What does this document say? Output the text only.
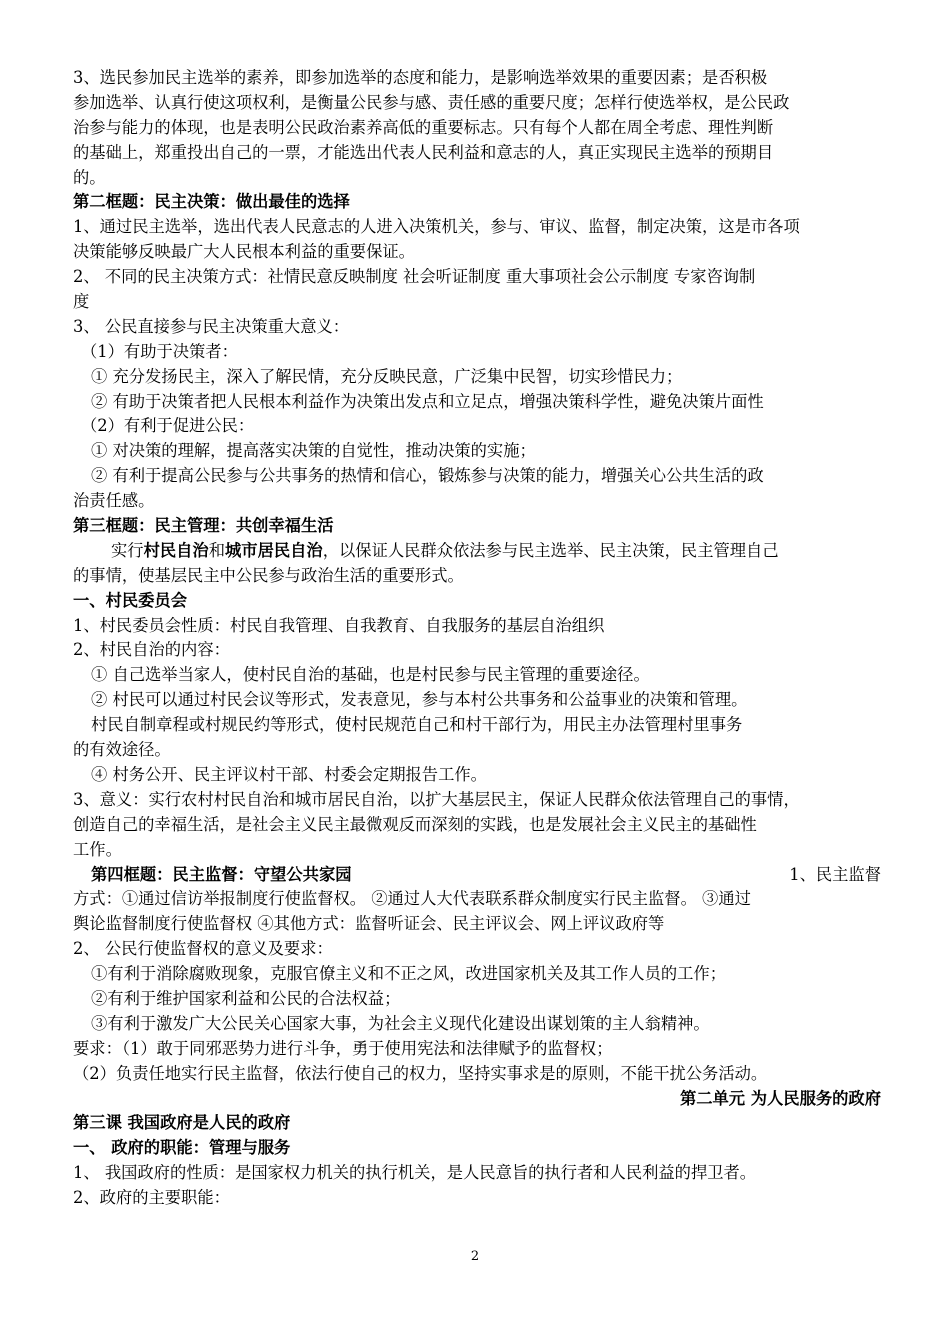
3、选民参加民主选举的素养，即参加选举的态度和能力，是影响选举效果的重要因素；是否积极
参加选举、认真行使这项权利，是衡量公民参与感、责任感的重要尺度；怎样行使选举权，是公民政
治参与能力的体现，也是表明公民政治素养高低的重要标志。只有每个人都在周全考虑、理性判断
的基础上，郑重投出自己的一票，才能选出代表人民利益和意志的人，真正实现民主选举的预期目
的。
第二框题：民主决策：做出最佳的选择
1、通过民主选举，选出代表人民意志的人进入决策机关，参与、审议、监督，制定决策，这是市各项
决策能够反映最广大人民根本利益的重要保证。
2、 不同的民主决策方式：社情民意反映制度 社会听证制度 重大事项社会公示制度 专家咨询制
度
3、 公民直接参与民主决策重大意义：
（1）有助于决策者：
① 充分发扬民主，深入了解民情，充分反映民意，广泛集中民智，切实珍惜民力；
② 有助于决策者把人民根本利益作为决策出发点和立足点，增强决策科学性，避免决策片面性
（2）有利于促进公民：
① 对决策的理解，提高落实决策的自觉性，推动决策的实施；
② 有利于提高公民参与公共事务的热情和信心，锻炼参与决策的能力，增强关心公共生活的政
治责任感。
第三框题：民主管理：共创幸福生活
实行村民自治和城市居民自治，以保证人民群众依法参与民主选举、民主决策，民主管理自己
的事情，使基层民主中公民参与政治生活的重要形式。
一、村民委员会
1、村民委员会性质：村民自我管理、自我教育、自我服务的基层自治组织
2、村民自治的内容：
① 自己选举当家人，使村民自治的基础，也是村民参与民主管理的重要途径。
② 村民可以通过村民会议等形式，发表意见，参与本村公共事务和公益事业的决策和管理。
村民自制章程或村规民约等形式，使村民规范自己和村干部行为，用民主办法管理村里事务
的有效途径。
④ 村务公开、民主评议村干部、村委会定期报告工作。
3、意义：实行农村村民自治和城市居民自治，以扩大基层民主，保证人民群众依法管理自己的事情，
创造自己的幸福生活，是社会主义民主最微观反而深刻的实践，也是发展社会主义民主的基础性
工作。
第四框题：民主监督：守望公共家园	1、民主监督
方式：①通过信访举报制度行使监督权。 ②通过人大代表联系群众制度实行民主监督。 ③通过
舆论监督制度行使监督权 ④其他方式：监督听证会、民主评议会、网上评议政府等
2、 公民行使监督权的意义及要求：
①有利于消除腐败现象，克服官僚主义和不正之风，改进国家机关及其工作人员的工作；
②有利于维护国家利益和公民的合法权益；
③有利于激发广大公民关心国家大事，为社会主义现代化建设出谋划策的主人翁精神。
要求：（1）敢于同邪恶势力进行斗争，勇于使用宪法和法律赋予的监督权；
（2）负责任地实行民主监督，依法行使自己的权力，坚持实事求是的原则，不能干扰公务活动。
第二单元 为人民服务的政府
第三课 我国政府是人民的政府
一、 政府的职能：管理与服务
1、 我国政府的性质：是国家权力机关的执行机关，是人民意旨的执行者和人民利益的捍卫者。
2、政府的主要职能：
2
